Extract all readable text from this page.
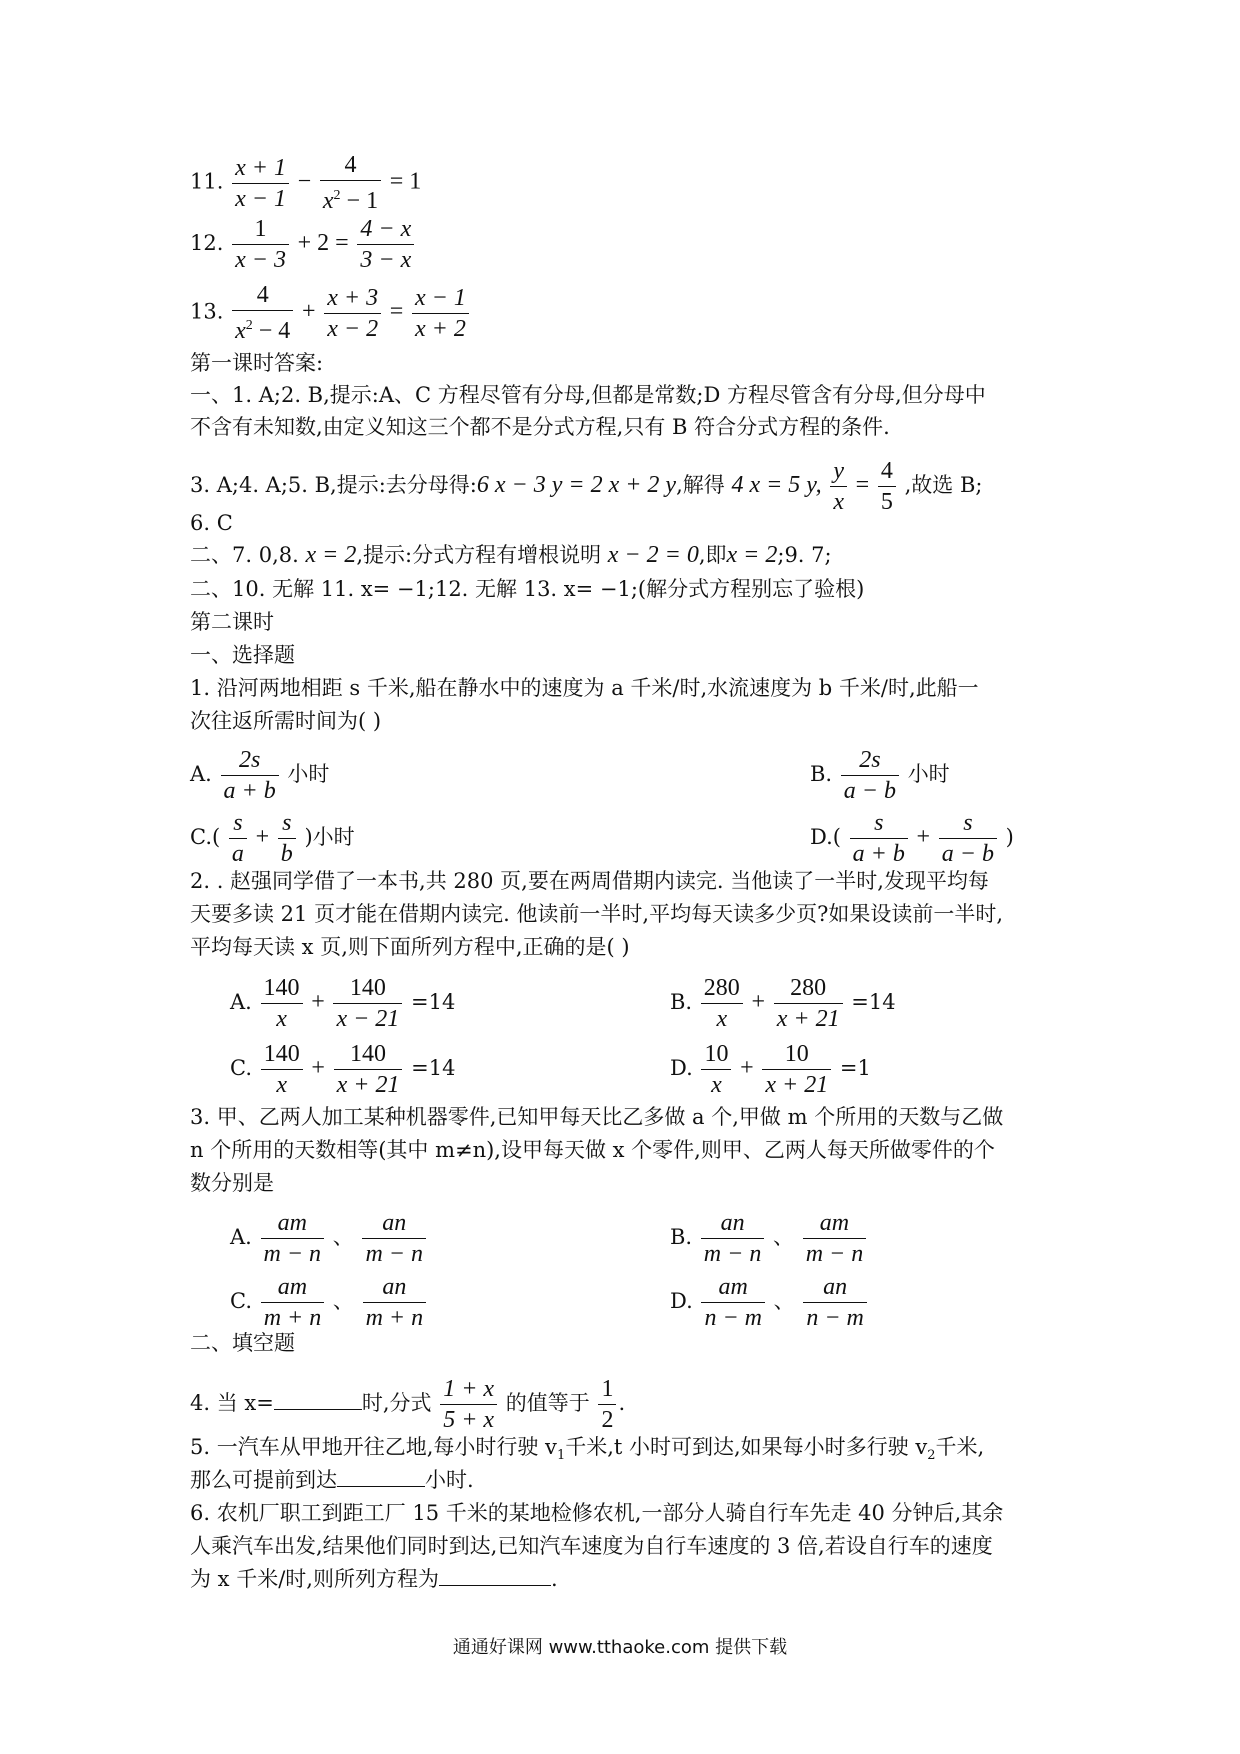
11. $\frac{x + 1}{x - 1} - \frac{4}{x^2 - 1} = 1$
12. $\frac{1}{x - 3} + 2 = \frac{4 - x}{3 - x}$
13. $\frac{4}{x^2 - 4} + \frac{x + 3}{x - 2} = \frac{x - 1}{x + 2}$
第一课时答案:
一、1. A;2. B,提示:A、C 方程尽管有分母,但都是常数;D 方程尽管含有分母,但分母中
不含有未知数,由定义知这三个都不是分式方程,只有 B 符合分式方程的条件.
3. A;4. A;5. B,提示:去分母得:6 x − 3 y = 2 x + 2 y,解得 4 x = 5 y, $\frac{y}{x} = \frac{4}{5}$ ,故选 B;
6. C
二、7. 0,8. x = 2,提示:分式方程有增根说明 x − 2 = 0,即x = 2;9. 7;
二、10. 无解 11. x= −1;12. 无解 13. x= −1;(解分式方程别忘了验根)
第二课时
一、选择题
1. 沿河两地相距 s 千米,船在静水中的速度为 a 千米/时,水流速度为 b 千米/时,此船一
次往返所需时间为( )
A. $\frac{2s}{a + b}$ 小时	B. $\frac{2s}{a - b}$ 小时
$C.( \frac{s}{a} + \frac{s}{b}$ )小时	$D.( \frac{s}{a + b} + \frac{s}{a - b}$ )
2. . 赵强同学借了一本书,共 280 页,要在两周借期内读完. 当他读了一半时,发现平均每
天要多读 21 页才能在借期内读完. 他读前一半时,平均每天读多少页?如果设读前一半时,
平均每天读 x 页,则下面所列方程中,正确的是( )
A. $\frac{140}{x} + \frac{140}{x - 21} =14$	B. $\frac{280}{x} + \frac{280}{x + 21} =14$
C. $\frac{140}{x} + \frac{140}{x + 21} =14$	D. $\frac{10}{x} + \frac{10}{x + 21} =1$
3. 甲、乙两人加工某种机器零件,已知甲每天比乙多做 a 个,甲做 m 个所用的天数与乙做
n 个所用的天数相等(其中 m≠n),设甲每天做 x 个零件,则甲、乙两人每天所做零件的个
数分别是
A. $\frac{am}{m - n}$ 、 $\frac{an}{m - n}$	B. $\frac{an}{m - n}$ 、 $\frac{am}{m - n}$
C. $\frac{am}{m + n}$ 、 $\frac{an}{m + n}$	D. $\frac{am}{n - m}$ 、 $\frac{an}{n - m}$
二、填空题
4. 当 x=	时,分式 $\frac{1 + x}{5 + x}$ 的值等于 $\frac{1}{2}$ .
5. 一汽车从甲地开往乙地,每小时行驶 $v_1$千米,t 小时可到达,如果每小时多行驶 $v_2$千米,
那么可提前到达	小时.
6. 农机厂职工到距工厂 15 千米的某地检修农机,一部分人骑自行车先走 40 分钟后,其余
人乘汽车出发,结果他们同时到达,已知汽车速度为自行车速度的 3 倍,若设自行车的速度
为 x 千米/时,则所列方程为	.
通通好课网 www.tthaoke.com 提供下载
